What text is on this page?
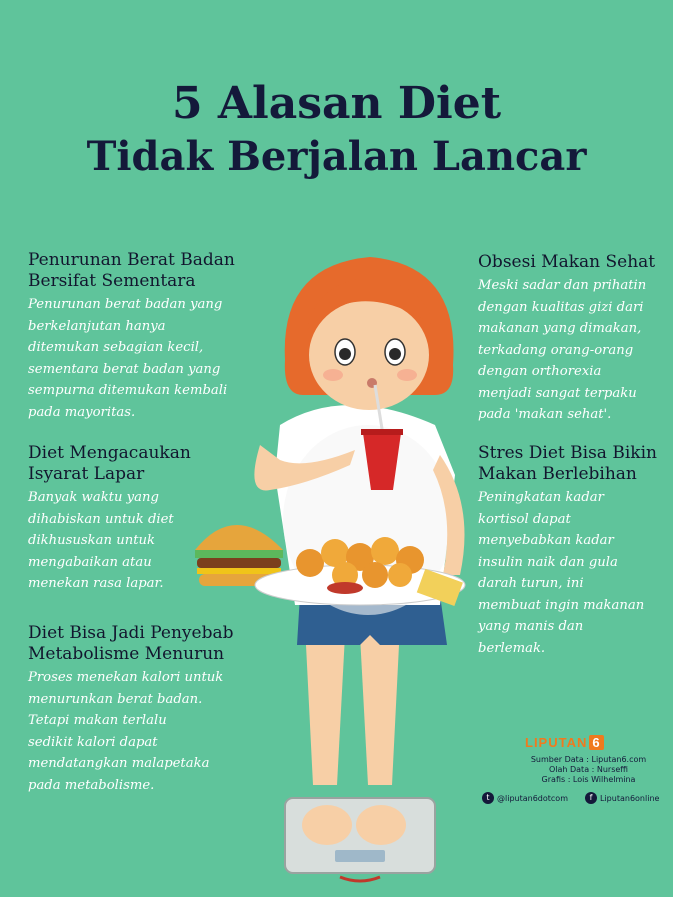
5 Alasan Diet
Tidak Berjalan Lancar
Penurunan Berat Badan
Bersifat Sementara
Penurunan berat badan yang
berkelanjutan hanya
ditemukan sebagian kecil,
sementara berat badan yang
sempurna ditemukan kembali
pada mayoritas.
Diet Mengacaukan
Isyarat Lapar
Banyak waktu yang
dihabiskan untuk diet
dikhususkan untuk
mengabaikan atau
menekan rasa lapar.
Diet Bisa Jadi Penyebab
Metabolisme Menurun
Proses menekan kalori untuk
menurunkan berat badan.
Tetapi makan terlalu
sedikit kalori dapat
mendatangkan malapetaka
pada metabolisme.
Obsesi Makan Sehat
Meski sadar dan prihatin
dengan kualitas gizi dari
makanan yang dimakan,
terkadang orang-orang
dengan orthorexia
menjadi sangat terpaku
pada 'makan sehat'.
Stres Diet Bisa Bikin
Makan Berlebihan
Peningkatan kadar
kortisol dapat
menyebabkan kadar
insulin naik dan gula
darah turun, ini
membuat ingin makanan
yang manis dan
berlemak.
LIPUTAN 6
Sumber Data : Liputan6.com
Olah Data : Nurseffi
Grafis : Lois Wilhelmina
t @liputan6dotcom	f Liputan6online
